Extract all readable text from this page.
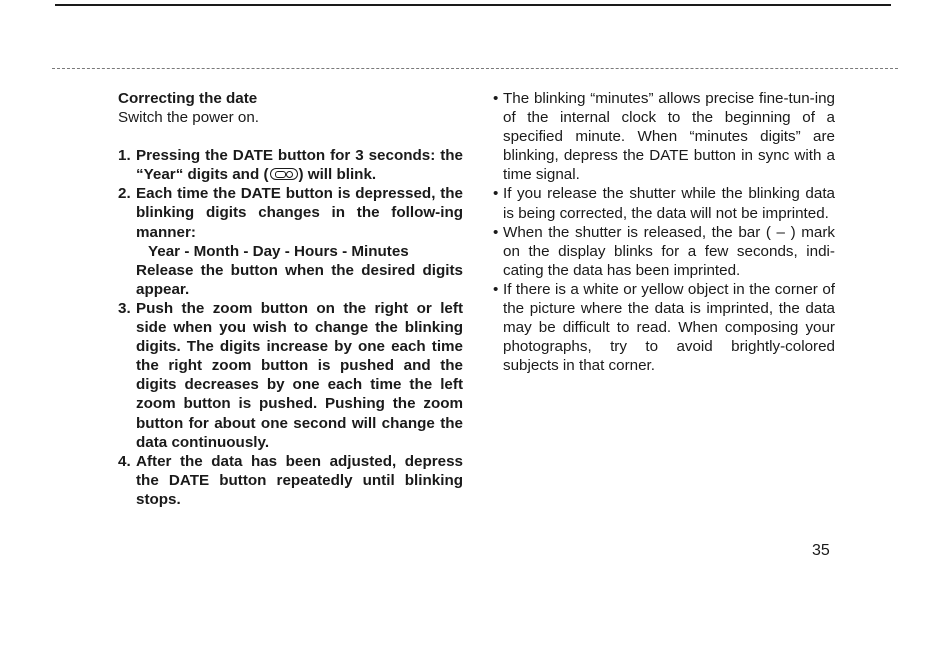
Correcting the date
Switch the power on.
1. Pressing the DATE button for 3 seconds: the “Year“ digits and ( ) will blink.
2. Each time the DATE button is depressed, the blinking digits changes in the follow-ing manner:
Year - Month - Day - Hours - Minutes
Release the button when the desired digits appear.
3. Push the zoom button on the right or left side when you wish to change the blinking digits. The digits increase by one each time the right zoom button is pushed and the digits decreases by one each time the left zoom button is pushed. Pushing the zoom button for about one second will change the data continuously.
4. After the data has been adjusted, depress the DATE button repeatedly until blinking stops.
• The blinking “minutes” allows precise fine-tun-ing of the internal clock to the beginning of a specified minute. When “minutes digits” are blinking, depress the DATE button in sync with a time signal.
• If you release the shutter while the blinking data is being corrected, the data will not be imprinted.
• When the shutter is released, the bar ( – ) mark on the display blinks for a few seconds, indi-cating the data has been imprinted.
• If there is a white or yellow object in the corner of the picture where the data is imprinted, the data may be difficult to read. When composing your photographs, try to avoid brightly-colored subjects in that corner.
35
